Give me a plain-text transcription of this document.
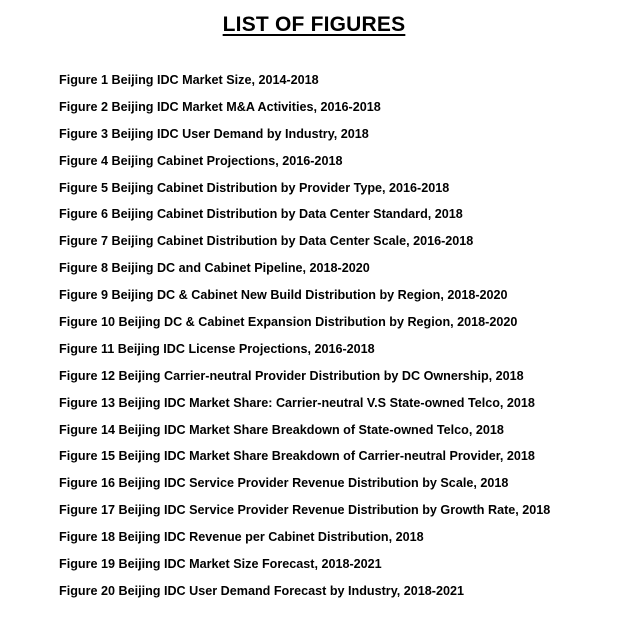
LIST OF FIGURES
Figure 1 Beijing IDC Market Size, 2014-2018
Figure 2 Beijing IDC Market M&A Activities, 2016-2018
Figure 3 Beijing IDC User Demand by Industry, 2018
Figure 4 Beijing Cabinet Projections, 2016-2018
Figure 5 Beijing Cabinet Distribution by Provider Type, 2016-2018
Figure 6 Beijing Cabinet Distribution by Data Center Standard, 2018
Figure 7 Beijing Cabinet Distribution by Data Center Scale, 2016-2018
Figure 8 Beijing DC and Cabinet Pipeline, 2018-2020
Figure 9 Beijing DC & Cabinet New Build Distribution by Region, 2018-2020
Figure 10 Beijing DC & Cabinet Expansion Distribution by Region, 2018-2020
Figure 11 Beijing IDC License Projections, 2016-2018
Figure 12 Beijing Carrier-neutral Provider Distribution by DC Ownership, 2018
Figure 13 Beijing IDC Market Share: Carrier-neutral V.S State-owned Telco, 2018
Figure 14 Beijing IDC Market Share Breakdown of State-owned Telco, 2018
Figure 15 Beijing IDC Market Share Breakdown of Carrier-neutral Provider, 2018
Figure 16 Beijing IDC Service Provider Revenue Distribution by Scale, 2018
Figure 17 Beijing IDC Service Provider Revenue Distribution by Growth Rate, 2018
Figure 18 Beijing IDC Revenue per Cabinet Distribution, 2018
Figure 19 Beijing IDC Market Size Forecast, 2018-2021
Figure 20 Beijing IDC User Demand Forecast by Industry, 2018-2021
